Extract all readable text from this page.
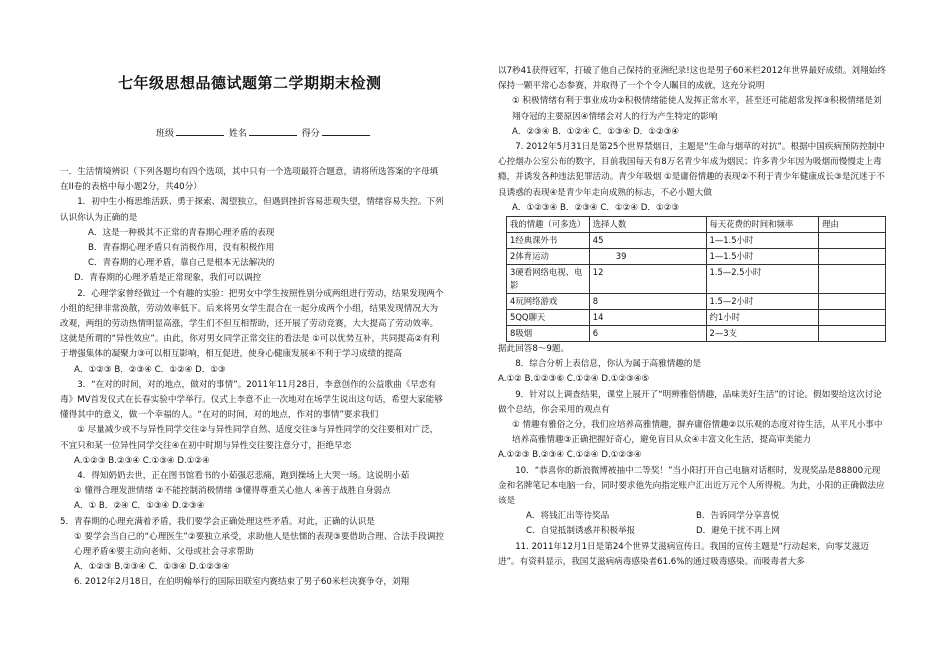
七年级思想品德试题第二学期期末检测
班级	姓名	得分

一．生活情境辨识（下列各题均有四个选项，其中只有一个选项最符合题意，请将所选答案的字母填在II卷的表格中每小题2分，共40分）

1．初中生小梅思维活跃、勇于探索、渴望独立，但遇到挫折容易悲观失望，情绪容易失控。下列认识你认为正确的是

A．这是一种极其不正常的青春期心理矛盾的表现

B．青春期心理矛盾只有消极作用，没有积极作用

C．青春期的心理矛盾，靠自己是根本无法解决的

D．青春期的心理矛盾是正常现象，我们可以调控

2．心理学家曾经做过一个有趣的实验：把男女中学生按照性别分成两组进行劳动，结果发现两个小组的纪律非常涣散，劳动效率低下。后来将男女学生混合在一起分成两个小组，结果发现情况大为改观，两组的劳动热情明显高涨，学生们不但互相帮助，还开展了劳动竞赛，大大提高了劳动效率。这就是所谓的“异性效应”。由此，你对男女同学正常交往的看法是 ①可以优势互补，共同提高②有利于增强集体的凝聚力③可以相互影响，相互促进，使身心健康发展④不利于学习成绩的提高

A．①②③ B．②③④ C．①②④ D．①③

3．“在对的时间，对的地点，做对的事情”。2011年11月28日，李意创作的公益歌曲《早恋有毒》MV首发仪式在长春实验中学举行。仪式上李意不止一次地对在场学生说出这句话，希望大家能够懂得其中的意义，做一个幸福的人。“在对的时间，对的地点，作对的事情”要求我们

① 尽量减少或不与异性同学交往②与异性同学自然、适度交往③与异性同学的交往要相对广泛，不宜只和某一位异性同学交往④在初中时期与异性交往要注意分寸，拒绝早恋

A.①②③ B.②③④ C.①③④ D.①②④

4．得知奶奶去世，正在图书馆看书的小茹强忍悲痛，跑到操场上大哭一场。这说明小茹

① 懂得合理发泄情绪 ②不能控制消极情绪 ③懂得尊重关心他人 ④善于战胜自身弱点

A．① B．②④ C．①③④ D.②③④

5．青春期的心理充满着矛盾，我们要学会正确处理这些矛盾。对此，正确的认识是

① 要学会当自己的“心理医生”②要独立承受，求助他人是怯懦的表现③要借助合理、合法手段调控心理矛盾④要主动向老师、父母或社会寻求帮助

A．①②③ B.②③④ C．①③④ D.①②③④

6. 2012年2月18日，在伯明翰举行的国际田联室内赛结束了男子60米栏决赛争夺，刘翔

以7秒41获得冠军，打破了他自己保持的亚洲纪录!这也是男子60米栏2012年世界最好成绩。刘翔始终保持一颗平常心态参赛，并取得了一个个令人瞩目的成就，这充分说明

① 积极情绪有利于事业成功②积极情绪能使人发挥正常水平，甚至还可能超常发挥③积极情绪是刘翔夺冠的主要原因④情绪会对人的行为产生特定的影响

A．②③④ B．①②④ C．①③④ D．①②③④

7. 2012年5月31日是第25个世界禁烟日，主题是“生命与烟草的对抗”。根据中国疾病预防控制中心控烟办公室公布的数字，目前我国每天有8万名青少年成为烟民；许多青少年因为吸烟而慢慢走上毒瘾，并诱发各种违法犯罪活动。青少年吸烟 ①是庸俗情趣的表现②不利于青少年健康成长③是沉迷于不良诱惑的表现④是青少年走向成熟的标志，不必小题大做

A．①②③④ B．②③④ C．①②④ D．①②③

我的情趣（可多选）	选择人数	每天花费的时间和频率	理由
1经典课外书	45	1—1.5小时	
2体育运动	39	1—1.5小时	
3硬看网络电视、电影	12	1.5—2.5小时	
4玩网络游戏	8	1.5—2小时	
5QQ聊天	14	约1小时	
8吸烟	6	2—3支	

据此回答8～9题。

8．综合分析上表信息，你认为属于高雅情趣的是

A.①② B.①②③⑥ C.①②④ D.①②③④⑤

9．针对以上调查结果，课堂上展开了“明辨雅俗情趣，品味美好生活”的讨论。假如要给这次讨论做个总结，你会采用的观点有

① 情趣有雅俗之分，我们应培养高雅情趣，摒弃庸俗情趣②以乐观的态度对待生活，从平凡小事中培养高雅情趣③正确把握好奇心，避免盲目从众④丰富文化生活，提高审美能力

A.①②③ B.②③④ C.①②④ D.①②③④

10．“恭喜你的新浪微博被抽中二等奖！”当小阳打开自己电脑对话框时，发现奖品是88800元现金和名牌笔记本电脑一台，同时要求他先向指定账户汇出近万元个人所得税。为此，小阳的正确做法应该是

A．将钱汇出等待奖品	B．告诉同学分享喜悦
C．自觉抵制诱惑并积极举报	D．避免干扰不再上网

11. 2011年12月1日是第24个世界艾滋病宣传日。我国的宣传主题是“行动起来，向零艾滋迈进”。有资料显示，我国艾滋病病毒感染者61.6%的通过吸毒感染。而吸毒者大多
